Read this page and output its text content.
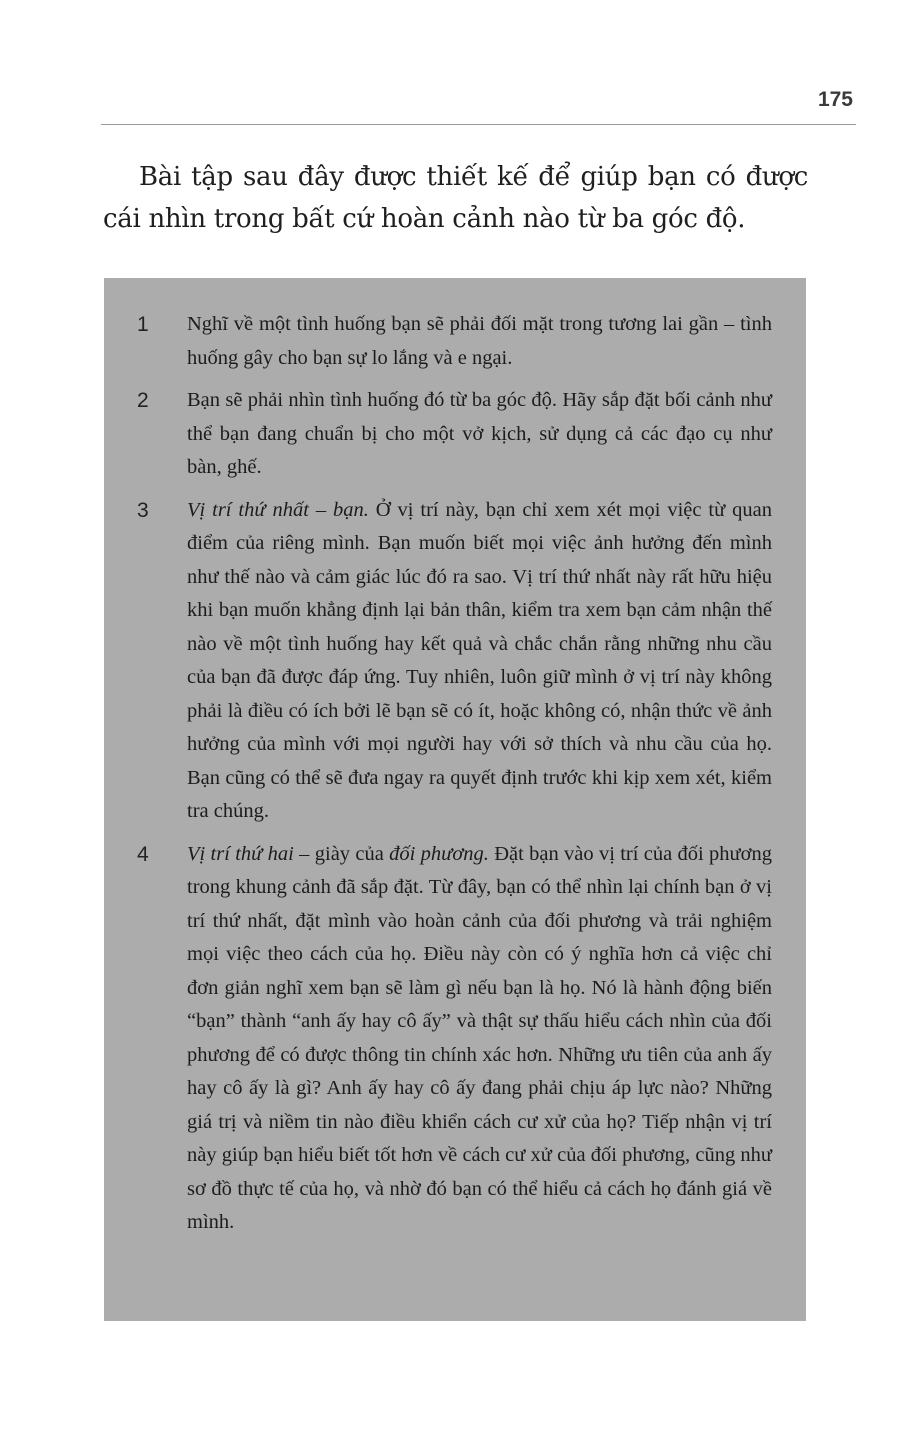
175

Bài tập sau đây được thiết kế để giúp bạn có được cái nhìn trong bất cứ hoàn cảnh nào từ ba góc độ.

1	Nghĩ về một tình huống bạn sẽ phải đối mặt trong tương lai gần – tình huống gây cho bạn sự lo lắng và e ngại.

2	Bạn sẽ phải nhìn tình huống đó từ ba góc độ. Hãy sắp đặt bối cảnh như thể bạn đang chuẩn bị cho một vở kịch, sử dụng cả các đạo cụ như bàn, ghế.

3	Vị trí thứ nhất – bạn. Ở vị trí này, bạn chỉ xem xét mọi việc từ quan điểm của riêng mình. Bạn muốn biết mọi việc ảnh hưởng đến mình như thế nào và cảm giác lúc đó ra sao. Vị trí thứ nhất này rất hữu hiệu khi bạn muốn khẳng định lại bản thân, kiểm tra xem bạn cảm nhận thế nào về một tình huống hay kết quả và chắc chắn rằng những nhu cầu của bạn đã được đáp ứng. Tuy nhiên, luôn giữ mình ở vị trí này không phải là điều có ích bởi lẽ bạn sẽ có ít, hoặc không có, nhận thức về ảnh hưởng của mình với mọi người hay với sở thích và nhu cầu của họ. Bạn cũng có thể sẽ đưa ngay ra quyết định trước khi kịp xem xét, kiểm tra chúng.

4	Vị trí thứ hai – giày của đối phương. Đặt bạn vào vị trí của đối phương trong khung cảnh đã sắp đặt. Từ đây, bạn có thể nhìn lại chính bạn ở vị trí thứ nhất, đặt mình vào hoàn cảnh của đối phương và trải nghiệm mọi việc theo cách của họ. Điều này còn có ý nghĩa hơn cả việc chỉ đơn giản nghĩ xem bạn sẽ làm gì nếu bạn là họ. Nó là hành động biến “bạn” thành “anh ấy hay cô ấy” và thật sự thấu hiểu cách nhìn của đối phương để có được thông tin chính xác hơn. Những ưu tiên của anh ấy hay cô ấy là gì? Anh ấy hay cô ấy đang phải chịu áp lực nào? Những giá trị và niềm tin nào điều khiển cách cư xử của họ? Tiếp nhận vị trí này giúp bạn hiểu biết tốt hơn về cách cư xử của đối phương, cũng như sơ đồ thực tế của họ, và nhờ đó bạn có thể hiểu cả cách họ đánh giá về mình.
